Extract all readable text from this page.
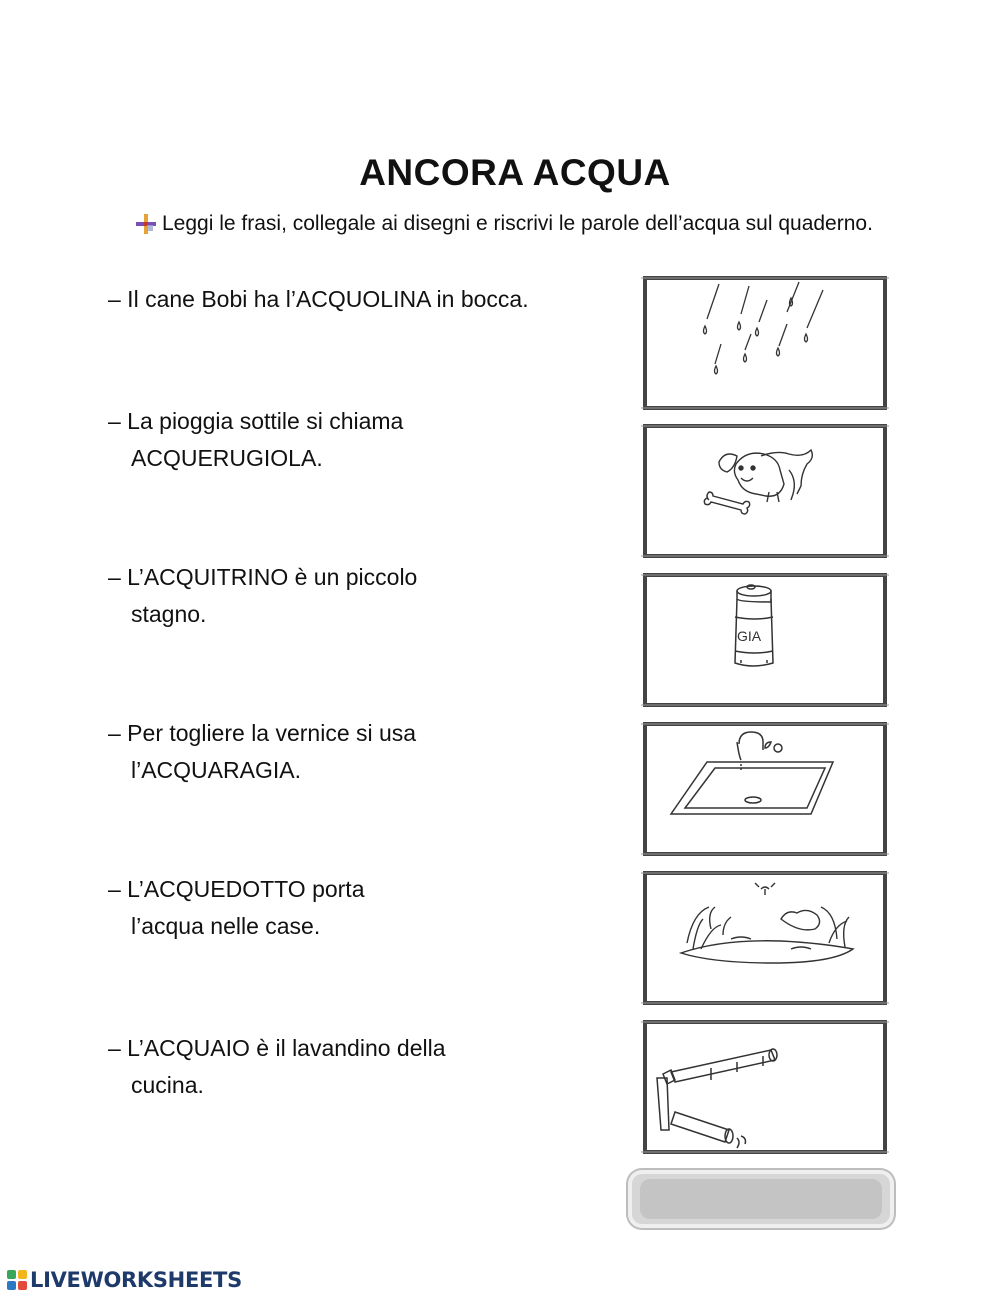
ANCORA ACQUA
Leggi le frasi, collegale ai disegni e riscrivi le parole dell’acqua sul quaderno.
– Il cane Bobi ha l’ACQUOLINA in bocca.
– La pioggia sottile si chiama
ACQUERUGIOLA.
– L’ACQUITRINO è un piccolo
stagno.
– Per togliere la vernice si usa
l’ACQUARAGIA.
– L’ACQUEDOTTO porta
l’acqua nelle case.
– L’ACQUAIO è il lavandino della
cucina.
GIA
LIVEWORKSHEETS
